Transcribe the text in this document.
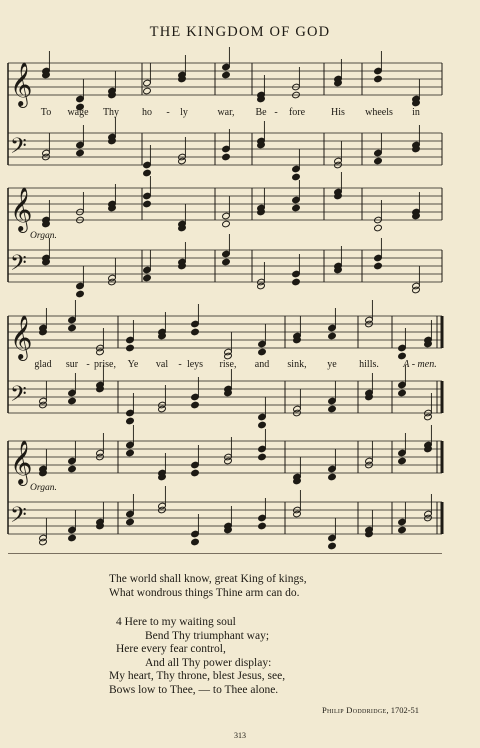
THE KINGDOM OF GOD
𝄞
𝄢
𝄞
𝄢
𝄞
𝄢
𝄞
𝄢
To wage Thy ho - ly	war, Be - fore	His wheels in
Organ.
glad sur - prise, Ye val - leys rise, and sink, ye hills. A - men.
Organ.
The world shall know, great King of kings,
What wondrous things Thine arm can do.
4 Here to my waiting soul
Bend Thy triumphant way;
Here every fear control,
And all Thy power display:
My heart, Thy throne, blest Jesus, see,
Bows low to Thee, — to Thee alone.
Philip Doddridge, 1702-51
313
